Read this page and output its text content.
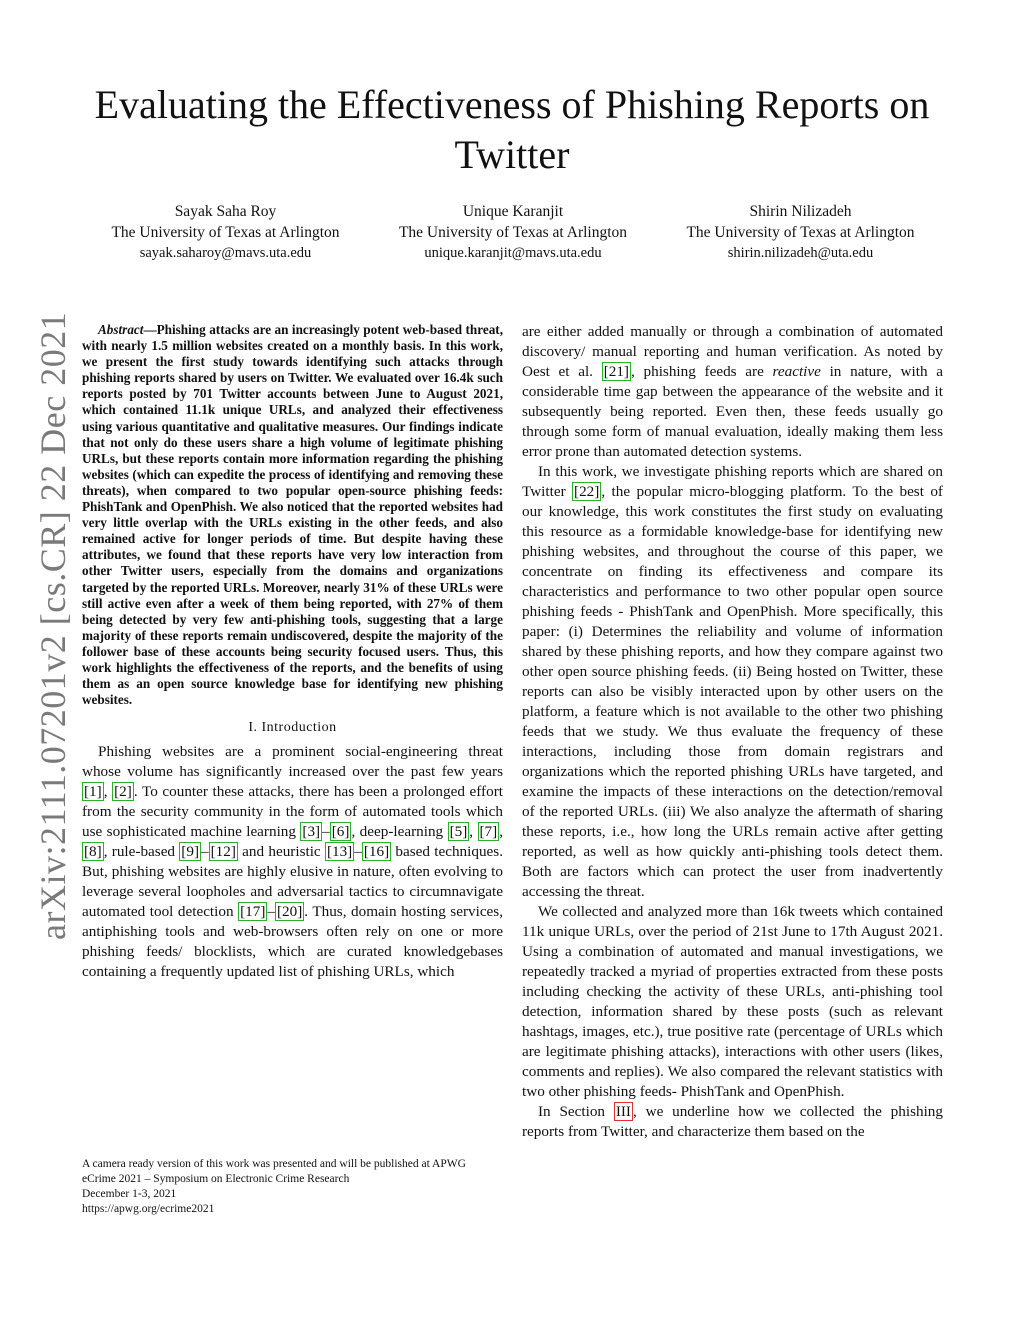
arXiv:2111.07201v2 [cs.CR] 22 Dec 2021
Evaluating the Effectiveness of Phishing Reports on Twitter
Sayak Saha Roy
The University of Texas at Arlington
sayak.saharoy@mavs.uta.edu
Unique Karanjit
The University of Texas at Arlington
unique.karanjit@mavs.uta.edu
Shirin Nilizadeh
The University of Texas at Arlington
shirin.nilizadeh@uta.edu

Abstract—Phishing attacks are an increasingly potent web-based threat, with nearly 1.5 million websites created on a monthly basis. In this work, we present the first study towards identifying such attacks through phishing reports shared by users on Twitter. We evaluated over 16.4k such reports posted by 701 Twitter accounts between June to August 2021, which contained 11.1k unique URLs, and analyzed their effectiveness using various quantitative and qualitative measures. Our findings indicate that not only do these users share a high volume of legitimate phishing URLs, but these reports contain more information regarding the phishing websites (which can expedite the process of identifying and removing these threats), when compared to two popular open-source phishing feeds: PhishTank and OpenPhish. We also noticed that the reported websites had very little overlap with the URLs existing in the other feeds, and also remained active for longer periods of time. But despite having these attributes, we found that these reports have very low interaction from other Twitter users, especially from the domains and organizations targeted by the reported URLs. Moreover, nearly 31% of these URLs were still active even after a week of them being reported, with 27% of them being detected by very few anti-phishing tools, suggesting that a large majority of these reports remain undiscovered, despite the majority of the follower base of these accounts being security focused users. Thus, this work highlights the effectiveness of the reports, and the benefits of using them as an open source knowledge base for identifying new phishing websites.

I. Introduction

Phishing websites are a prominent social-engineering threat whose volume has significantly increased over the past few years [1] , [2] . To counter these attacks, there has been a prolonged effort from the security community in the form of automated tools which use sophisticated machine learning [3] – [6] , deep-learning [5] , [7] , [8] , rule-based [9] – [12] and heuristic [13] – [16] based techniques. But, phishing websites are highly elusive in nature, often evolving to leverage several loopholes and adversarial tactics to circumnavigate automated tool detection [17] – [20] . Thus, domain hosting services, antiphishing tools and web-browsers often rely on one or more phishing feeds/ blocklists, which are curated knowledgebases containing a frequently updated list of phishing URLs, which

are either added manually or through a combination of automated discovery/ manual reporting and human verification. As noted by Oest et al. [21] , phishing feeds are reactive in nature, with a considerable time gap between the appearance of the website and it subsequently being reported. Even then, these feeds usually go through some form of manual evaluation, ideally making them less error prone than automated detection systems.

In this work, we investigate phishing reports which are shared on Twitter [22] , the popular micro-blogging platform. To the best of our knowledge, this work constitutes the first study on evaluating this resource as a formidable knowledge-base for identifying new phishing websites, and throughout the course of this paper, we concentrate on finding its effectiveness and compare its characteristics and performance to two other popular open source phishing feeds - PhishTank and OpenPhish. More specifically, this paper: (i) Determines the reliability and volume of information shared by these phishing reports, and how they compare against two other open source phishing feeds. (ii) Being hosted on Twitter, these reports can also be visibly interacted upon by other users on the platform, a feature which is not available to the other two phishing feeds that we study. We thus evaluate the frequency of these interactions, including those from domain registrars and organizations which the reported phishing URLs have targeted, and examine the impacts of these interactions on the detection/removal of the reported URLs. (iii) We also analyze the aftermath of sharing these reports, i.e., how long the URLs remain active after getting reported, as well as how quickly anti-phishing tools detect them. Both are factors which can protect the user from inadvertently accessing the threat.

We collected and analyzed more than 16k tweets which contained 11k unique URLs, over the period of 21st June to 17th August 2021. Using a combination of automated and manual investigations, we repeatedly tracked a myriad of properties extracted from these posts including checking the activity of these URLs, anti-phishing tool detection, information shared by these posts (such as relevant hashtags, images, etc.), true positive rate (percentage of URLs which are legitimate phishing attacks), interactions with other users (likes, comments and replies). We also compared the relevant statistics with two other phishing feeds- PhishTank and OpenPhish.

In Section III , we underline how we collected the phishing reports from Twitter, and characterize them based on the

A camera ready version of this work was presented and will be published at APWG
eCrime 2021 – Symposium on Electronic Crime Research
December 1-3, 2021
https://apwg.org/ecrime2021
